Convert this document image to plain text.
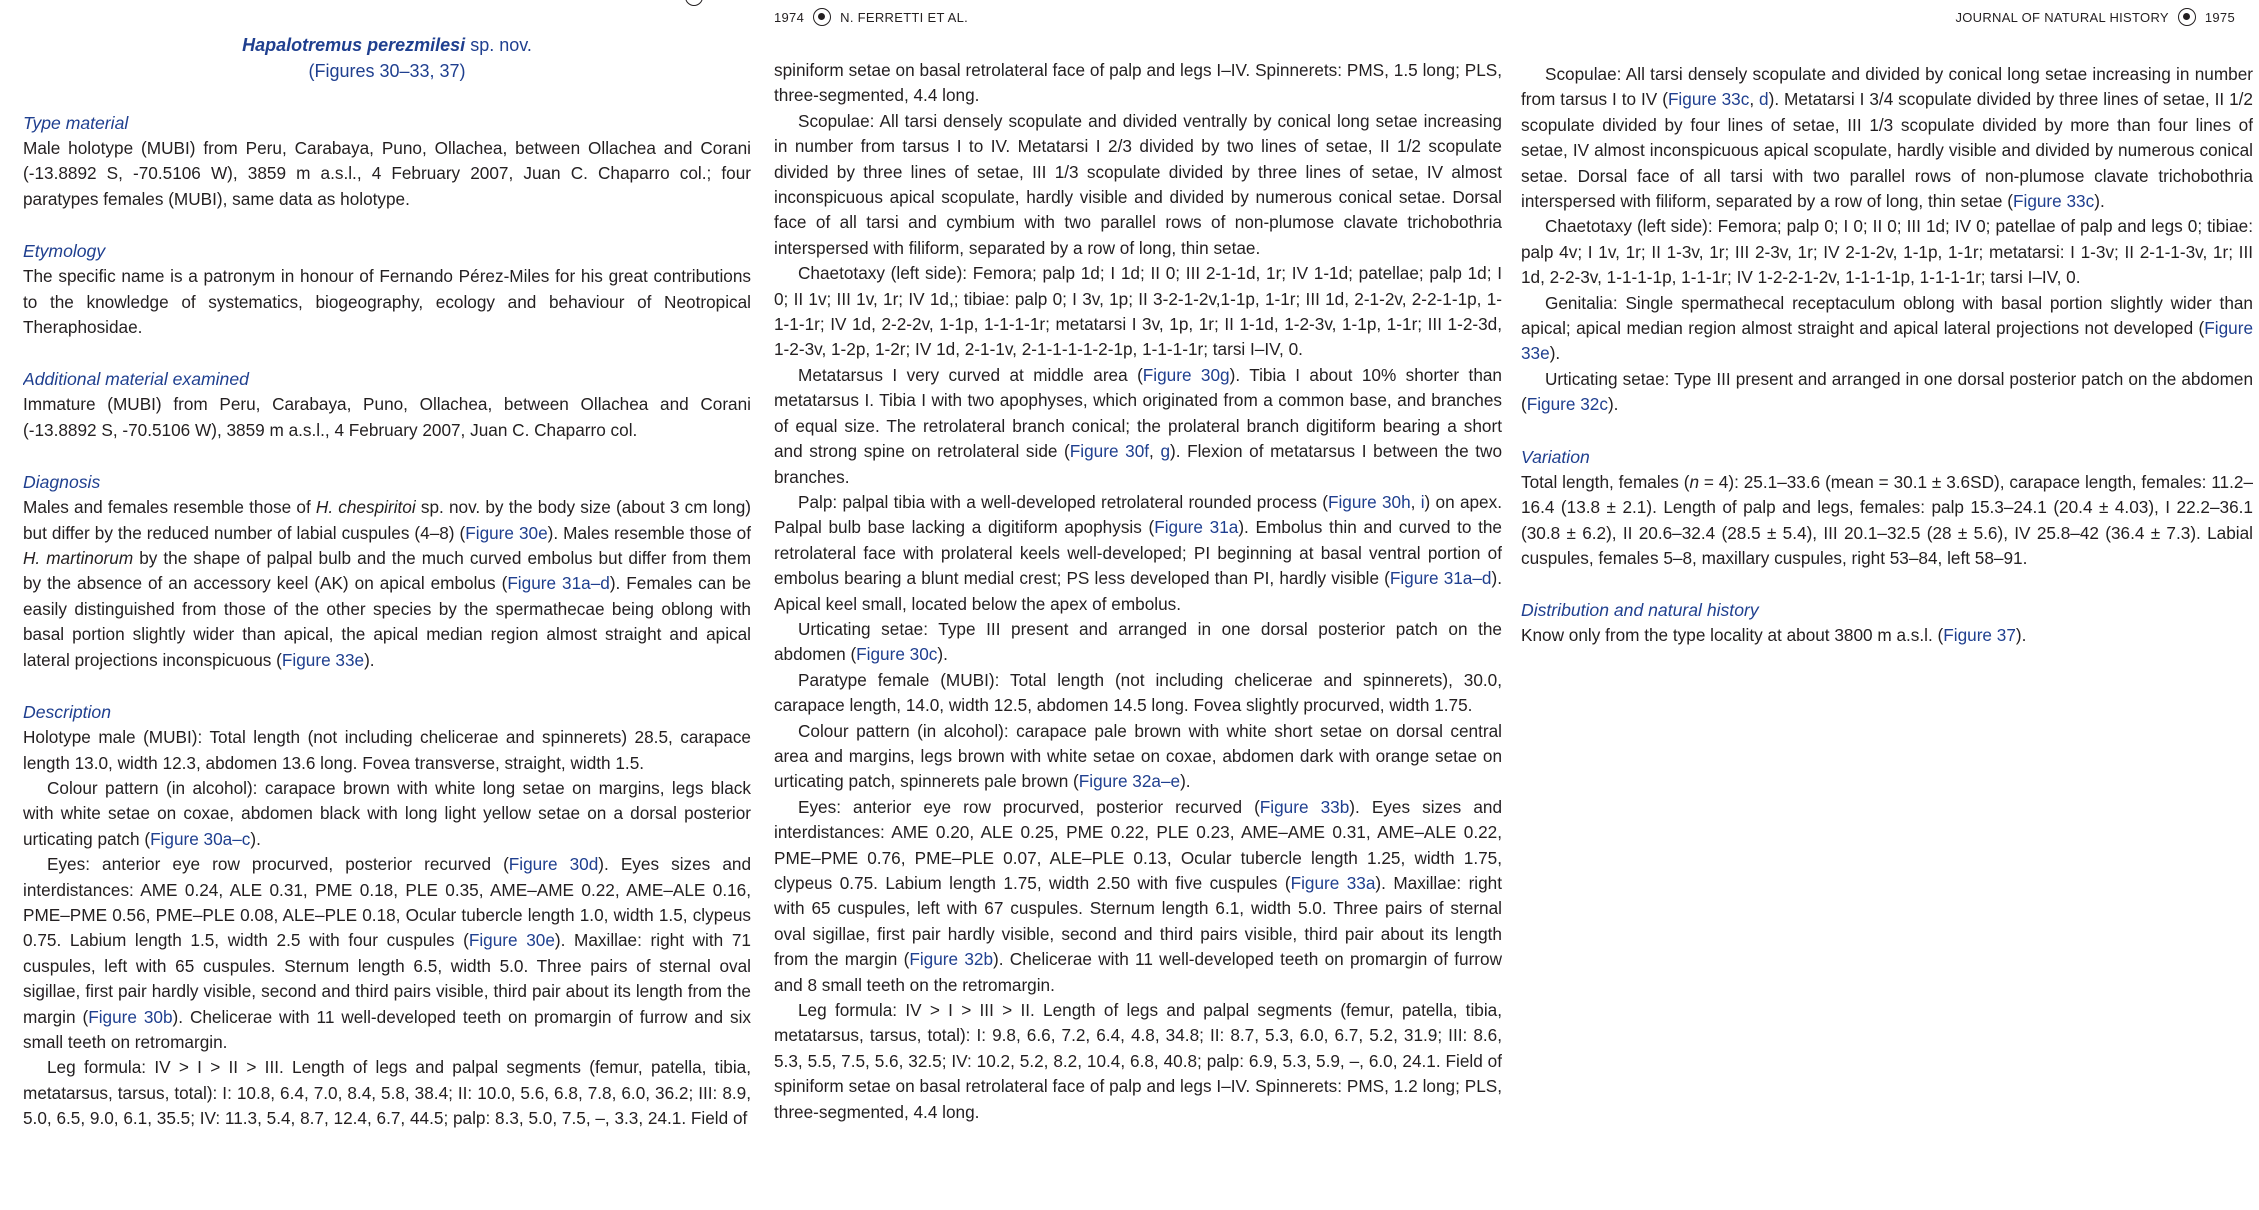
1974	N. FERRETTI ET AL.	JOURNAL OF NATURAL HISTORY	1975
Hapalotremus perezmilesi sp. nov.
(Figures 30–33, 37)
Type material

Male holotype (MUBI) from Peru, Carabaya, Puno, Ollachea, between Ollachea and Corani (-13.8892 S, -70.5106 W), 3859 m a.s.l., 4 February 2007, Juan C. Chaparro col.; four paratypes females (MUBI), same data as holotype.

Etymology

The specific name is a patronym in honour of Fernando Pérez-Miles for his great contributions to the knowledge of systematics, biogeography, ecology and behaviour of Neotropical Theraphosidae.

Additional material examined

Immature (MUBI) from Peru, Carabaya, Puno, Ollachea, between Ollachea and Corani (-13.8892 S, -70.5106 W), 3859 m a.s.l., 4 February 2007, Juan C. Chaparro col.

Diagnosis

Males and females resemble those of H. chespiritoi sp. nov. by the body size (about 3 cm long) but differ by the reduced number of labial cuspules (4–8) (Figure 30e). Males resemble those of H. martinorum by the shape of palpal bulb and the much curved embolus but differ from them by the absence of an accessory keel (AK) on apical embolus (Figure 31a–d). Females can be easily distinguished from those of the other species by the spermathecae being oblong with basal portion slightly wider than apical, the apical median region almost straight and apical lateral projections inconspicuous (Figure 33e).

Description

Holotype male (MUBI): Total length (not including chelicerae and spinnerets) 28.5, carapace length 13.0, width 12.3, abdomen 13.6 long. Fovea transverse, straight, width 1.5.

Colour pattern (in alcohol): carapace brown with white long setae on margins, legs black with white setae on coxae, abdomen black with long light yellow setae on a dorsal posterior urticating patch (Figure 30a–c).

Eyes: anterior eye row procurved, posterior recurved (Figure 30d). Eyes sizes and interdistances: AME 0.24, ALE 0.31, PME 0.18, PLE 0.35, AME–AME 0.22, AME–ALE 0.16, PME–PME 0.56, PME–PLE 0.08, ALE–PLE 0.18, Ocular tubercle length 1.0, width 1.5, clypeus 0.75. Labium length 1.5, width 2.5 with four cuspules (Figure 30e). Maxillae: right with 71 cuspules, left with 65 cuspules. Sternum length 6.5, width 5.0. Three pairs of sternal oval sigillae, first pair hardly visible, second and third pairs visible, third pair about its length from the margin (Figure 30b). Chelicerae with 11 well-developed teeth on promargin of furrow and six small teeth on retromargin.

Leg formula: IV > I > II > III. Length of legs and palpal segments (femur, patella, tibia, metatarsus, tarsus, total): I: 10.8, 6.4, 7.0, 8.4, 5.8, 38.4; II: 10.0, 5.6, 6.8, 7.8, 6.0, 36.2; III: 8.9, 5.0, 6.5, 9.0, 6.1, 35.5; IV: 11.3, 5.4, 8.7, 12.4, 6.7, 44.5; palp: 8.3, 5.0, 7.5, –, 3.3, 24.1. Field of

spiniform setae on basal retrolateral face of palp and legs I–IV. Spinnerets: PMS, 1.5 long; PLS, three-segmented, 4.4 long.

Scopulae: All tarsi densely scopulate and divided ventrally by conical long setae increasing in number from tarsus I to IV. Metatarsi I 2/3 divided by two lines of setae, II 1/2 scopulate divided by three lines of setae, III 1/3 scopulate divided by three lines of setae, IV almost inconspicuous apical scopulate, hardly visible and divided by numerous conical setae. Dorsal face of all tarsi and cymbium with two parallel rows of non-plumose clavate trichobothria interspersed with filiform, separated by a row of long, thin setae.

Chaetotaxy (left side): Femora; palp 1d; I 1d; II 0; III 2-1-1d, 1r; IV 1-1d; patellae; palp 1d; I 0; II 1v; III 1v, 1r; IV 1d,; tibiae: palp 0; I 3v, 1p; II 3-2-1-2v,1-1p, 1-1r; III 1d, 2-1-2v, 2-2-1-1p, 1-1-1-1r; IV 1d, 2-2-2v, 1-1p, 1-1-1-1r; metatarsi I 3v, 1p, 1r; II 1-1d, 1-2-3v, 1-1p, 1-1r; III 1-2-3d, 1-2-3v, 1-2p, 1-2r; IV 1d, 2-1-1v, 2-1-1-1-1-2-1p, 1-1-1-1r; tarsi I–IV, 0.

Metatarsus I very curved at middle area (Figure 30g). Tibia I about 10% shorter than metatarsus I. Tibia I with two apophyses, which originated from a common base, and branches of equal size. The retrolateral branch conical; the prolateral branch digitiform bearing a short and strong spine on retrolateral side (Figure 30f, g). Flexion of metatarsus I between the two branches.

Palp: palpal tibia with a well-developed retrolateral rounded process (Figure 30h, i) on apex. Palpal bulb base lacking a digitiform apophysis (Figure 31a). Embolus thin and curved to the retrolateral face with prolateral keels well-developed; PI beginning at basal ventral portion of embolus bearing a blunt medial crest; PS less developed than PI, hardly visible (Figure 31a–d). Apical keel small, located below the apex of embolus.

Urticating setae: Type III present and arranged in one dorsal posterior patch on the abdomen (Figure 30c).

Paratype female (MUBI): Total length (not including chelicerae and spinnerets), 30.0, carapace length, 14.0, width 12.5, abdomen 14.5 long. Fovea slightly procurved, width 1.75.

Colour pattern (in alcohol): carapace pale brown with white short setae on dorsal central area and margins, legs brown with white setae on coxae, abdomen dark with orange setae on urticating patch, spinnerets pale brown (Figure 32a–e).

Eyes: anterior eye row procurved, posterior recurved (Figure 33b). Eyes sizes and interdistances: AME 0.20, ALE 0.25, PME 0.22, PLE 0.23, AME–AME 0.31, AME–ALE 0.22, PME–PME 0.76, PME–PLE 0.07, ALE–PLE 0.13, Ocular tubercle length 1.25, width 1.75, clypeus 0.75. Labium length 1.75, width 2.50 with five cuspules (Figure 33a). Maxillae: right with 65 cuspules, left with 67 cuspules. Sternum length 6.1, width 5.0. Three pairs of sternal oval sigillae, first pair hardly visible, second and third pairs visible, third pair about its length from the margin (Figure 32b). Chelicerae with 11 well-developed teeth on promargin of furrow and 8 small teeth on the retromargin.

Leg formula: IV > I > III > II. Length of legs and palpal segments (femur, patella, tibia, metatarsus, tarsus, total): I: 9.8, 6.6, 7.2, 6.4, 4.8, 34.8; II: 8.7, 5.3, 6.0, 6.7, 5.2, 31.9; III: 8.6, 5.3, 5.5, 7.5, 5.6, 32.5; IV: 10.2, 5.2, 8.2, 10.4, 6.8, 40.8; palp: 6.9, 5.3, 5.9, –, 6.0, 24.1. Field of spiniform setae on basal retrolateral face of palp and legs I–IV. Spinnerets: PMS, 1.2 long; PLS, three-segmented, 4.4 long.

Scopulae: All tarsi densely scopulate and divided by conical long setae increasing in number from tarsus I to IV (Figure 33c, d). Metatarsi I 3/4 scopulate divided by three lines of setae, II 1/2 scopulate divided by four lines of setae, III 1/3 scopulate divided by more than four lines of setae, IV almost inconspicuous apical scopulate, hardly visible and divided by numerous conical setae. Dorsal face of all tarsi with two parallel rows of non-plumose clavate trichobothria interspersed with filiform, separated by a row of long, thin setae (Figure 33c).

Chaetotaxy (left side): Femora; palp 0; I 0; II 0; III 1d; IV 0; patellae of palp and legs 0; tibiae: palp 4v; I 1v, 1r; II 1-3v, 1r; III 2-3v, 1r; IV 2-1-2v, 1-1p, 1-1r; metatarsi: I 1-3v; II 2-1-1-3v, 1r; III 1d, 2-2-3v, 1-1-1-1p, 1-1-1r; IV 1-2-2-1-2v, 1-1-1-1p, 1-1-1-1r; tarsi I–IV, 0.

Genitalia: Single spermathecal receptaculum oblong with basal portion slightly wider than apical; apical median region almost straight and apical lateral projections not developed (Figure 33e).

Urticating setae: Type III present and arranged in one dorsal posterior patch on the abdomen (Figure 32c).

Variation

Total length, females (n = 4): 25.1–33.6 (mean = 30.1 ± 3.6SD), carapace length, females: 11.2–16.4 (13.8 ± 2.1). Length of palp and legs, females: palp 15.3–24.1 (20.4 ± 4.03), I 22.2–36.1 (30.8 ± 6.2), II 20.6–32.4 (28.5 ± 5.4), III 20.1–32.5 (28 ± 5.6), IV 25.8–42 (36.4 ± 7.3). Labial cuspules, females 5–8, maxillary cuspules, right 53–84, left 58–91.

Distribution and natural history

Know only from the type locality at about 3800 m a.s.l. (Figure 37).
